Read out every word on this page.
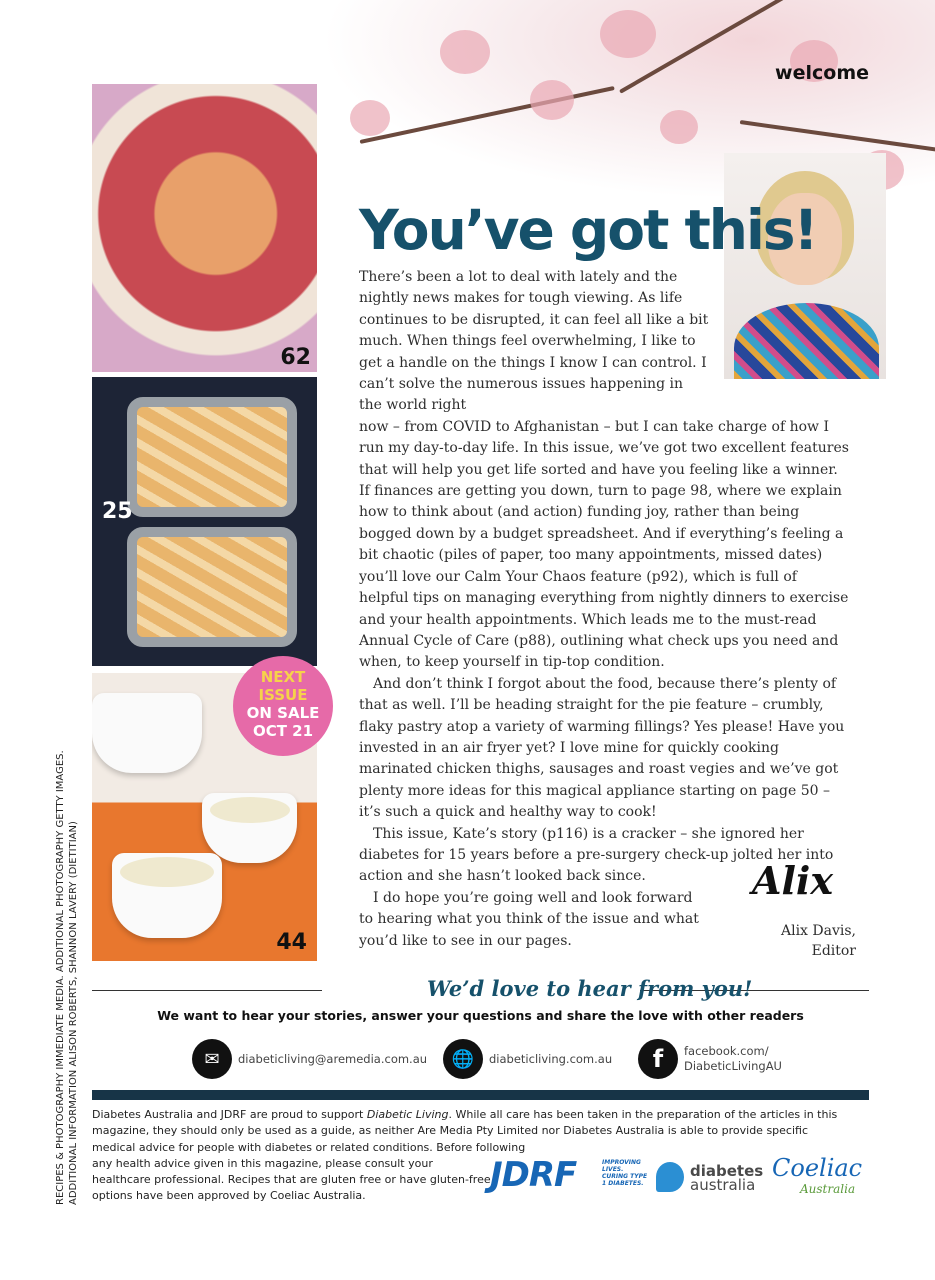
welcome
62
25
44
NEXT
ISSUE
ON SALE
OCT 21
You’ve got this!

There’s been a lot to deal with lately and the nightly news makes for tough viewing. As life continues to be disrupted, it can feel all like a bit much. When things feel overwhelming, I like to get a handle on the things I know I can control. I can’t solve the numerous issues happening in the world right

now – from COVID to Afghanistan – but I can take charge of how I run my day-to-day life. In this issue, we’ve got two excellent features that will help you get life sorted and have you feeling like a winner. If finances are getting you down, turn to page 98, where we explain how to think about (and action) funding joy, rather than being bogged down by a budget spreadsheet. And if everything’s feeling a bit chaotic (piles of paper, too many appointments, missed dates) you’ll love our Calm Your Chaos feature (p92), which is full of helpful tips on managing everything from nightly dinners to exercise and your health appointments. Which leads me to the must-read Annual Cycle of Care (p88), outlining what check ups you need and when, to keep yourself in tip-top condition.

And don’t think I forgot about the food, because there’s plenty of that as well. I’ll be heading straight for the pie feature – crumbly, flaky pastry atop a variety of warming fillings? Yes please! Have you invested in an air fryer yet? I love mine for quickly cooking marinated chicken thighs, sausages and roast vegies and we’ve got plenty more ideas for this magical appliance starting on page 50 – it’s such a quick and healthy way to cook!

This issue, Kate’s story (p116) is a cracker – she ignored her diabetes for 15 years before a pre-surgery check-up jolted her into action and she hasn’t looked back since.

I do hope you’re going well and look forward to hearing what you think of the issue and what you’d like to see in our pages.

Alix
Alix Davis,
Editor
We’d love to hear from you!
We want to hear your stories, answer your questions and share the love with other readers
✉	diabeticliving@aremedia.com.au	🌐	diabeticliving.com.au	f	facebook.com/
DiabeticLivingAU
Diabetes Australia and JDRF are proud to support Diabetic Living. While all care has been taken in the preparation of the articles in this magazine, they should only be used as a guide, as neither Are Media Pty Limited nor Diabetes Australia is able to provide specific medical advice for people with diabetes or related conditions. Before following
any health advice given in this magazine, please consult your healthcare professional. Recipes that are gluten free or have gluten-free options have been approved by Coeliac Australia.
JDRF	IMPROVING LIVES. CURING TYPE 1 DIABETES.
diabetes
australia
Coeliac
Australia
RECIPES & PHOTOGRAPHY IMMEDIATE MEDIA. ADDITIONAL PHOTOGRAPHY GETTY IMAGES. ADDITIONAL INFORMATION ALISON ROBERTS, SHANNON LAVERY (DIETITIAN)
